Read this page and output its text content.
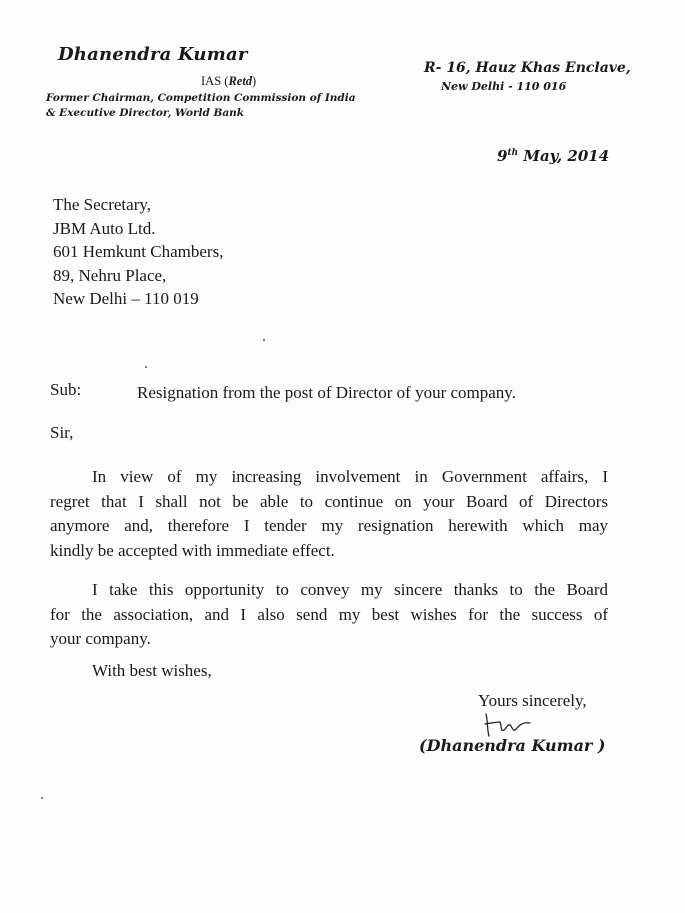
Dhanendra Kumar
IAS (Retd)
Former Chairman, Competition Commission of India
& Executive Director, World Bank
R- 16, Hauz Khas Enclave,
New Delhi - 110 016
9th May, 2014
The Secretary,
JBM Auto Ltd.
601 Hemkunt Chambers,
89, Nehru Place,
New Delhi – 110 019
Sub:	Resignation from the post of Director of your company.
Sir,
In view of my increasing involvement in Government affairs, I
regret that I shall not be able to continue on your Board of Directors
anymore and, therefore I tender my resignation herewith which may
kindly be accepted with immediate effect.
I take this opportunity to convey my sincere thanks to the Board
for the association, and I also send my best wishes for the success of
your company.
With best wishes,
Yours sincerely,
(Dhanendra Kumar )
